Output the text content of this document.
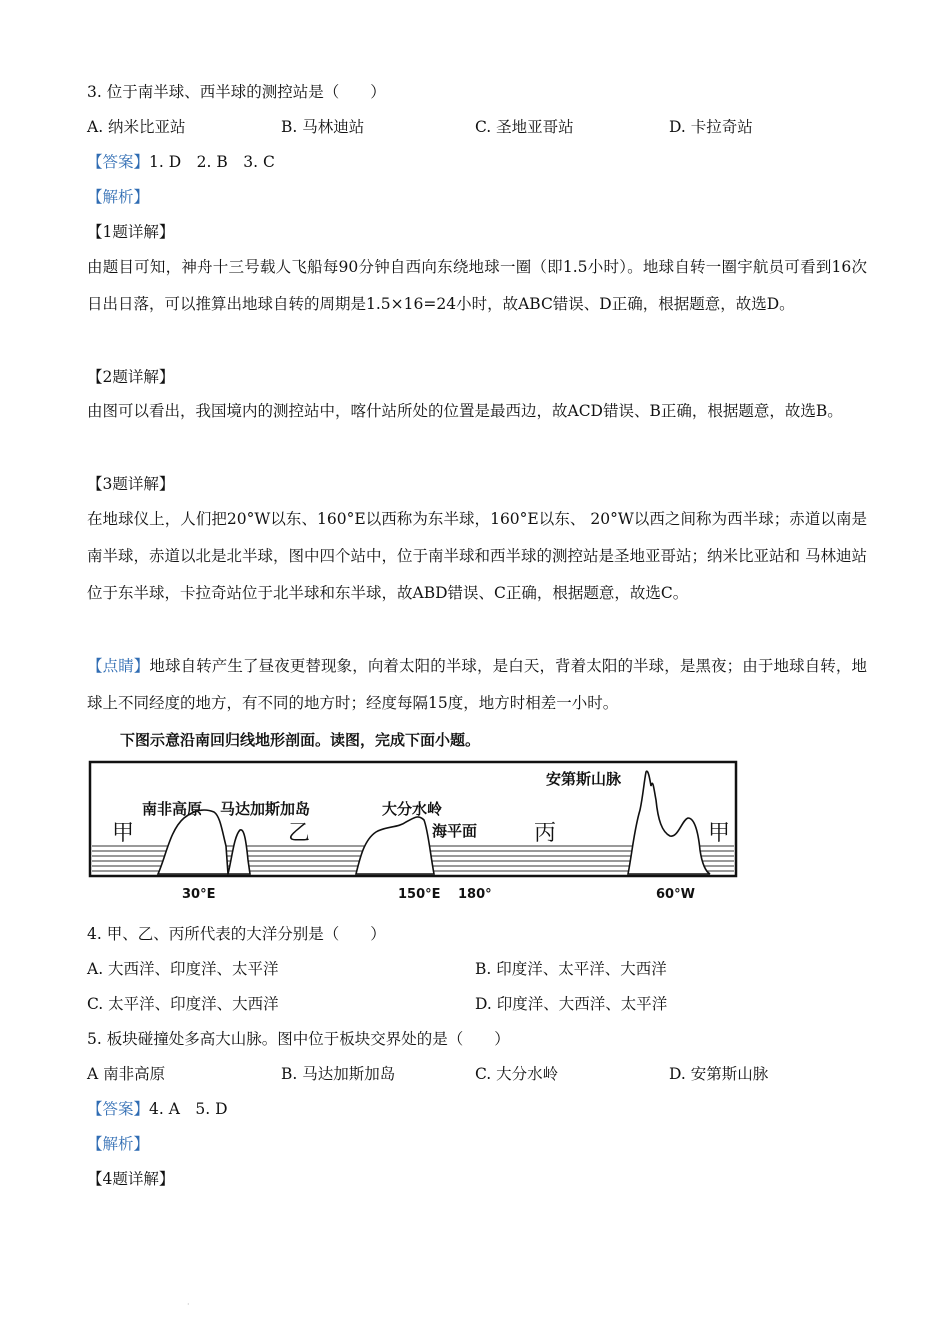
3. 位于南半球、西半球的测控站是（　　）
A. 纳米比亚站	B. 马林迪站	C. 圣地亚哥站	D. 卡拉奇站
【答案】1. D　2. B　3. C
【解析】
【1题详解】
由题目可知，神舟十三号载人飞船每90分钟自西向东绕地球一圈（即1.5小时）。地球自转一圈宇航员可看到16次日出日落，可以推算出地球自转的周期是1.5×16=24小时，故ABC错误、D正确，根据题意，故选D。
【2题详解】
由图可以看出，我国境内的测控站中，喀什站所处的位置是最西边，故ACD错误、B正确，根据题意，故选B。
【3题详解】
在地球仪上，人们把20°W以东、160°E以西称为东半球，160°E以东、 20°W以西之间称为西半球；赤道以南是南半球，赤道以北是北半球，图中四个站中，位于南半球和西半球的测控站是圣地亚哥站；纳米比亚站和 马林迪站位于东半球，卡拉奇站位于北半球和东半球，故ABD错误、C正确，根据题意，故选C。
【点睛】地球自转产生了昼夜更替现象，向着太阳的半球，是白天，背着太阳的半球，是黑夜；由于地球自转，地球上不同经度的地方，有不同的地方时；经度每隔15度，地方时相差一小时。
下图示意沿南回归线地形剖面。读图，完成下面小题。
南非高原 马达加斯加岛	大分水岭
海平面
安第斯山脉
甲	乙	丙	甲
30°E	150°E 180°	60°W
4. 甲、乙、丙所代表的大洋分别是（　　）
A. 大西洋、印度洋、太平洋	B. 印度洋、太平洋、大西洋
C. 太平洋、印度洋、大西洋	D. 印度洋、大西洋、太平洋
5. 板块碰撞处多高大山脉。图中位于板块交界处的是（　　）
A 南非高原	B. 马达加斯加岛	C. 大分水岭	D. 安第斯山脉
【答案】4. A　5. D
【解析】
【4题详解】
·
